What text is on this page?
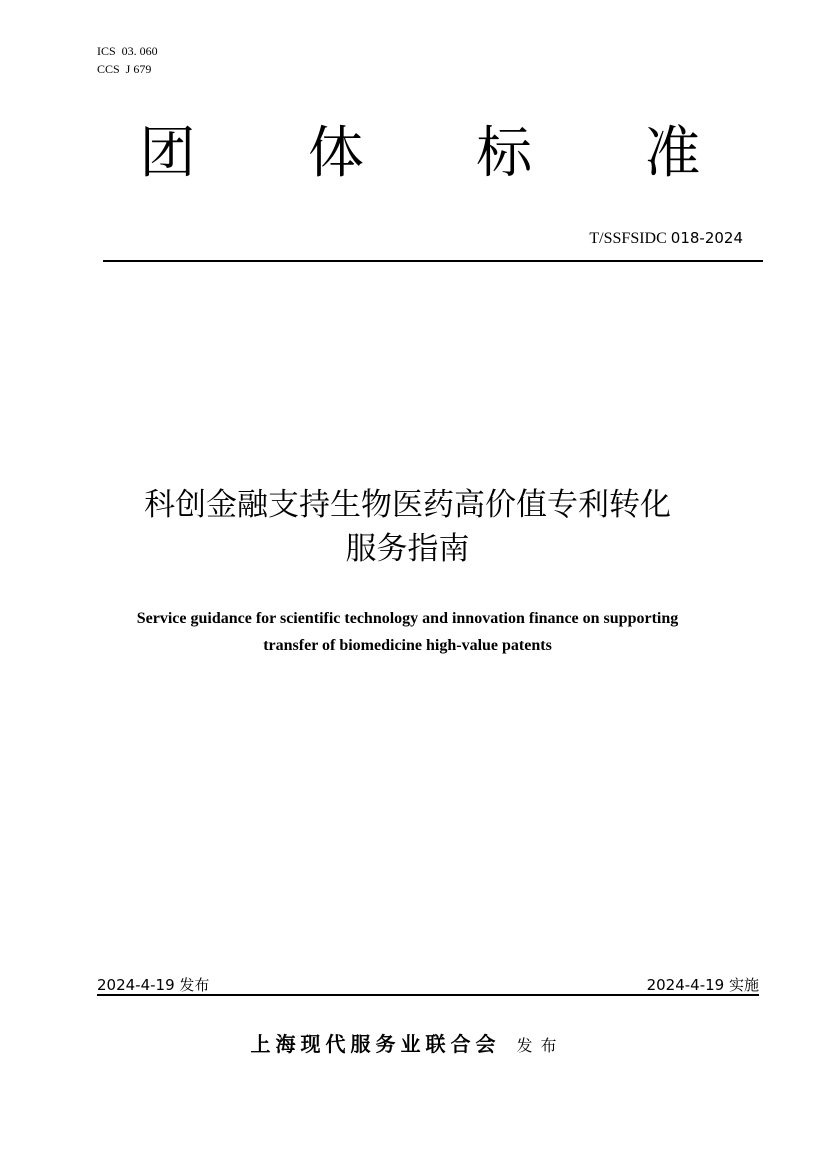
ICS  03. 060
CCS  J 679
团 体 标 准
T/SSFSIDC 018-2024
科创金融支持生物医药高价值专利转化
服务指南
Service guidance for scientific technology and innovation finance on supporting
transfer of biomedicine high-value patents
2024-4-19 发布	2024-4-19 实施
上海现代服务业联合会 发布
